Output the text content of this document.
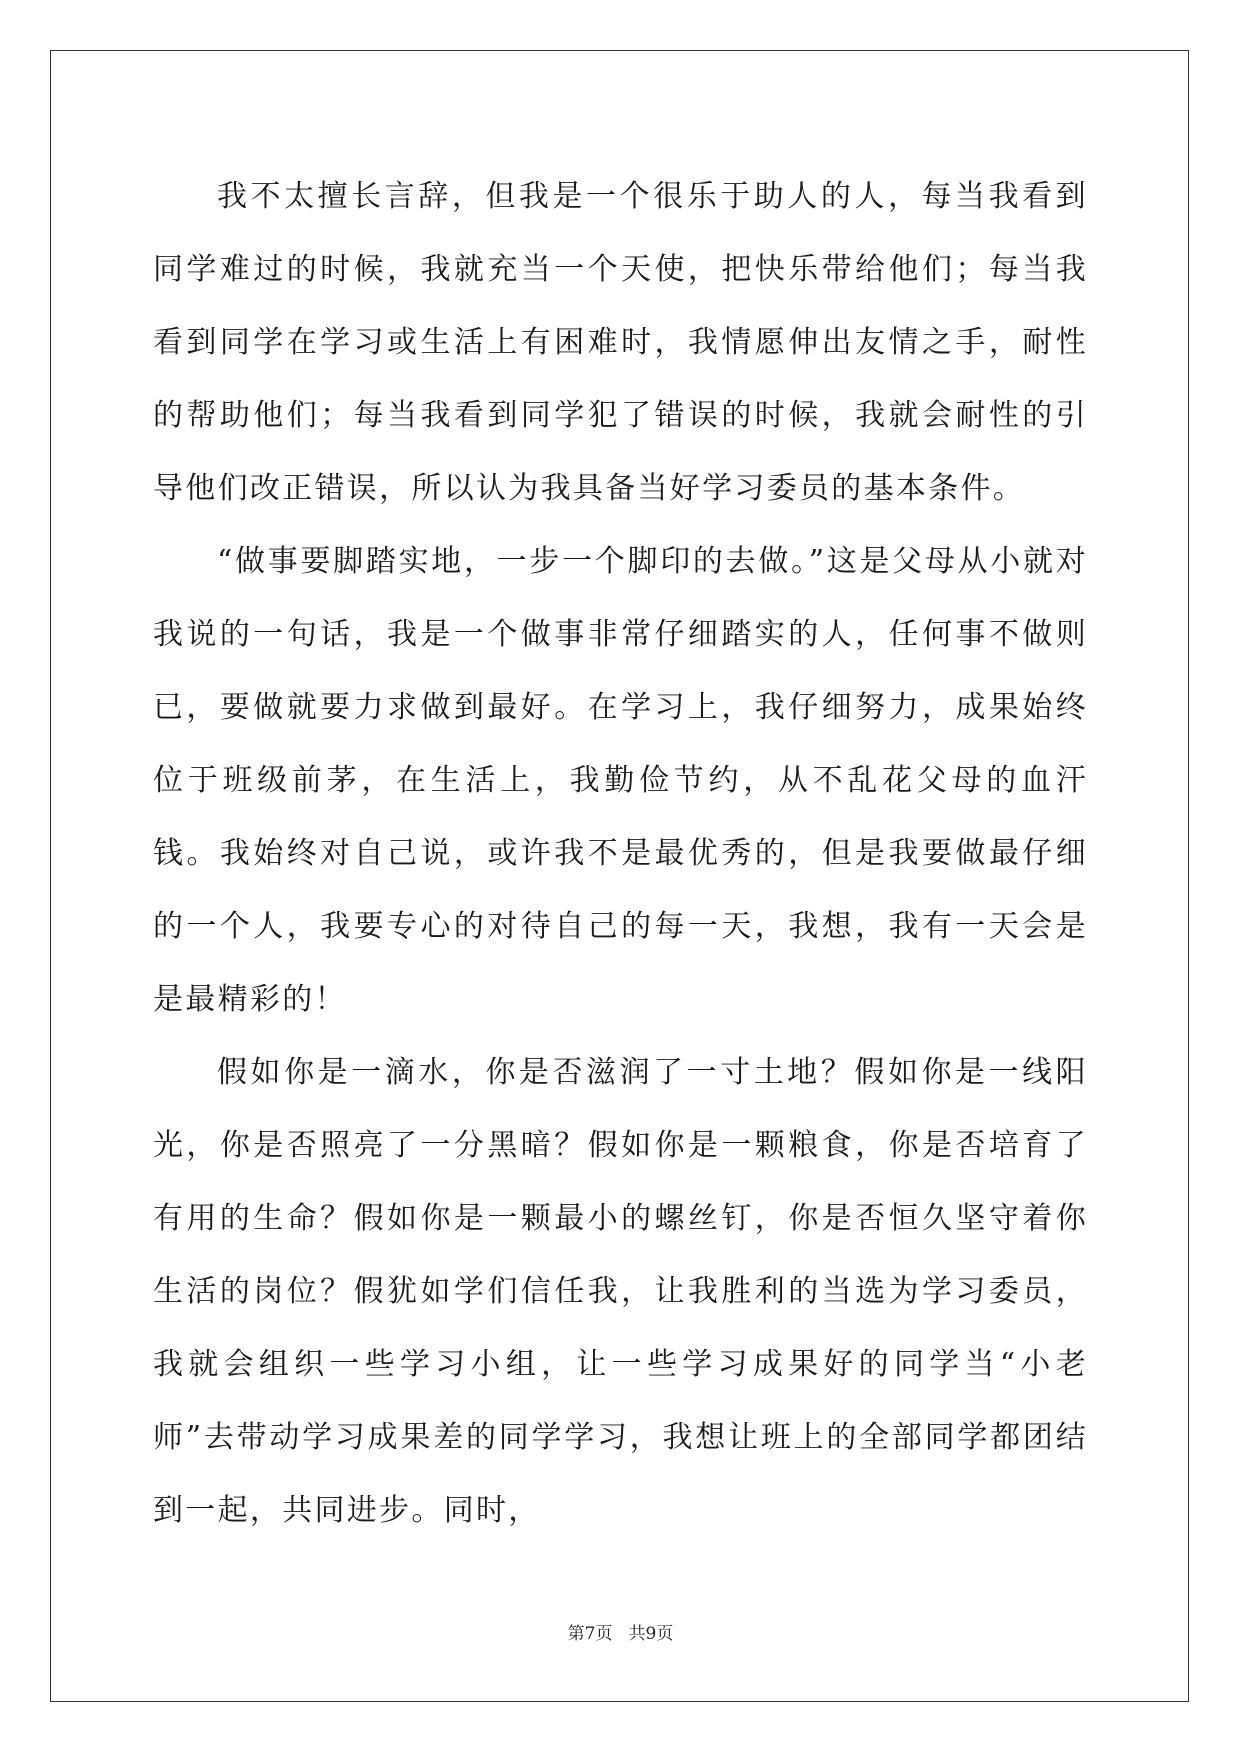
我不太擅长言辞，但我是一个很乐于助人的人，每当我看到同学难过的时候，我就充当一个天使，把快乐带给他们；每当我看到同学在学习或生活上有困难时，我情愿伸出友情之手，耐性的帮助他们；每当我看到同学犯了错误的时候，我就会耐性的引导他们改正错误，所以认为我具备当好学习委员的基本条件。

“做事要脚踏实地，一步一个脚印的去做。”这是父母从小就对我说的一句话，我是一个做事非常仔细踏实的人，任何事不做则已，要做就要力求做到最好。在学习上，我仔细努力，成果始终位于班级前茅，在生活上，我勤俭节约，从不乱花父母的血汗钱。我始终对自己说，或许我不是最优秀的，但是我要做最仔细的一个人，我要专心的对待自己的每一天，我想，我有一天会是是最精彩的！

假如你是一滴水，你是否滋润了一寸土地？假如你是一线阳光，你是否照亮了一分黑暗？假如你是一颗粮食，你是否培育了有用的生命？假如你是一颗最小的螺丝钉，你是否恒久坚守着你生活的岗位？假犹如学们信任我，让我胜利的当选为学习委员，我就会组织一些学习小组，让一些学习成果好的同学当“小老师”去带动学习成果差的同学学习，我想让班上的全部同学都团结到一起，共同进步。同时，

第7页 共9页
